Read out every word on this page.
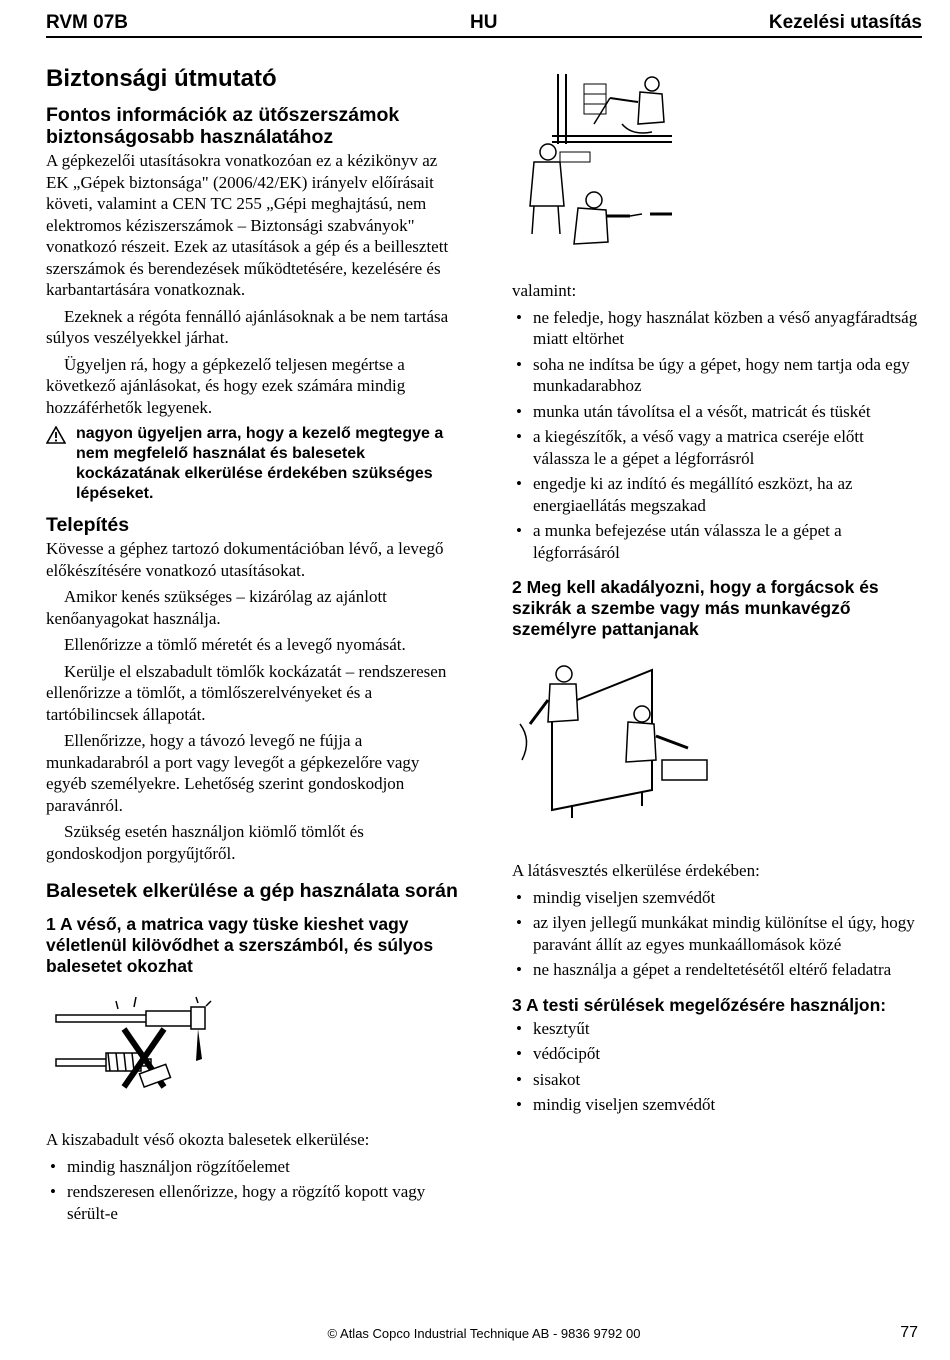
RVM 07B	HU	Kezelési utasítás
Biztonsági útmutató
Fontos információk az ütőszerszámok biztonságosabb használatához

A gépkezelői utasításokra vonatkozóan ez a kézikönyv az EK „Gépek biztonsága" (2006/42/EK) irányelv előírásait követi, valamint a CEN TC 255 „Gépi meghajtású, nem elektromos kéziszerszámok – Biztonsági szabványok" vonatkozó részeit. Ezek az utasítások a gép és a beillesztett szerszámok és berendezések működtetésére, kezelésére és karbantartására vonatkoznak.

Ezeknek a régóta fennálló ajánlásoknak a be nem tartása súlyos veszélyekkel járhat.

Ügyeljen rá, hogy a gépkezelő teljesen megértse a következő ajánlásokat, és hogy ezek számára mindig hozzáférhetők legyenek.

nagyon ügyeljen arra, hogy a kezelő megtegye a nem megfelelő használat és balesetek kockázatának elkerülése érdekében szükséges lépéseket.
Telepítés

Kövesse a géphez tartozó dokumentációban lévő, a levegő előkészítésére vonatkozó utasításokat.

Amikor kenés szükséges – kizárólag az ajánlott kenőanyagokat használja.

Ellenőrizze a tömlő méretét és a levegő nyomását.

Kerülje el elszabadult tömlők kockázatát – rendszeresen ellenőrizze a tömlőt, a tömlőszerelvényeket és a tartóbilincsek állapotát.

Ellenőrizze, hogy a távozó levegő ne fújja a munkadarabról a port vagy levegőt a gépkezelőre vagy egyéb személyekre. Lehetőség szerint gondoskodjon paravánról.

Szükség esetén használjon kiömlő tömlőt és gondoskodjon porgyűjtőről.

Balesetek elkerülése a gép használata során
1 A véső, a matrica vagy tüske kieshet vagy véletlenül kilövődhet a szerszámból, és súlyos balesetet okozhat

A kiszabadult véső okozta balesetek elkerülése:

• mindig használjon rögzítőelemet
• rendszeresen ellenőrizze, hogy a rögzítő kopott vagy sérült-e

valamint:

• ne feledje, hogy használat közben a véső anyagfáradtság miatt eltörhet
• soha ne indítsa be úgy a gépet, hogy nem tartja oda egy munkadarabhoz
• munka után távolítsa el a vésőt, matricát és tüskét
• a kiegészítők, a véső vagy a matrica cseréje előtt válassza le a gépet a légforrásról
• engedje ki az indító és megállító eszközt, ha az energiaellátás megszakad
• a munka befejezése után válassza le a gépet a légforrásáról
2 Meg kell akadályozni, hogy a forgácsok és szikrák a szembe vagy más munkavégző személyre pattanjanak

A látásvesztés elkerülése érdekében:

• mindig viseljen szemvédőt
• az ilyen jellegű munkákat mindig különítse el úgy, hogy paravánt állít az egyes munkaállomások közé
• ne használja a gépet a rendeltetésétől eltérő feladatra
3 A testi sérülések megelőzésére használjon:
• kesztyűt
• védőcipőt
• sisakot
• mindig viseljen szemvédőt
© Atlas Copco Industrial Technique AB - 9836 9792 00	77
